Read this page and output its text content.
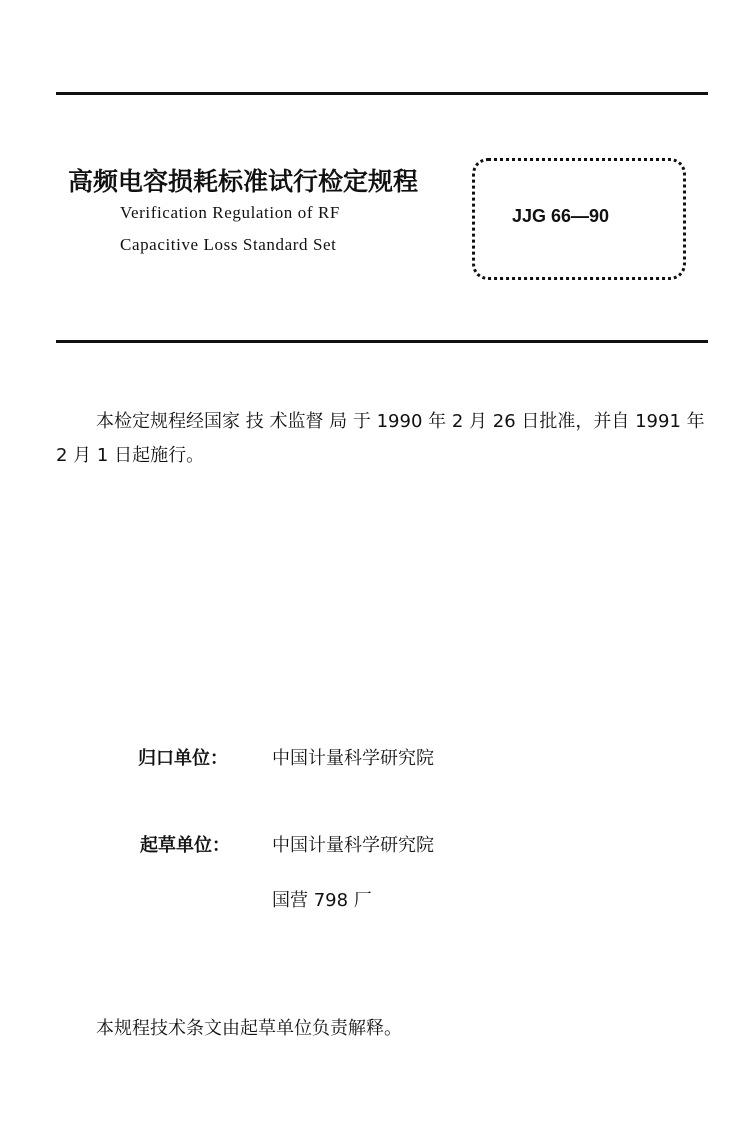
高频电容损耗标准试行检定规程
Verification Regulation of RF
Capacitive Loss Standard Set
JJG 66—90
本检定规程经国家 技 术监督 局 于 1990 年 2 月 26 日批准，并自 1991 年 2 月 1 日起施行。
归口单位： 中国计量科学研究院
起草单位： 中国计量科学研究院
国营 798 厂
本规程技术条文由起草单位负责解释。
